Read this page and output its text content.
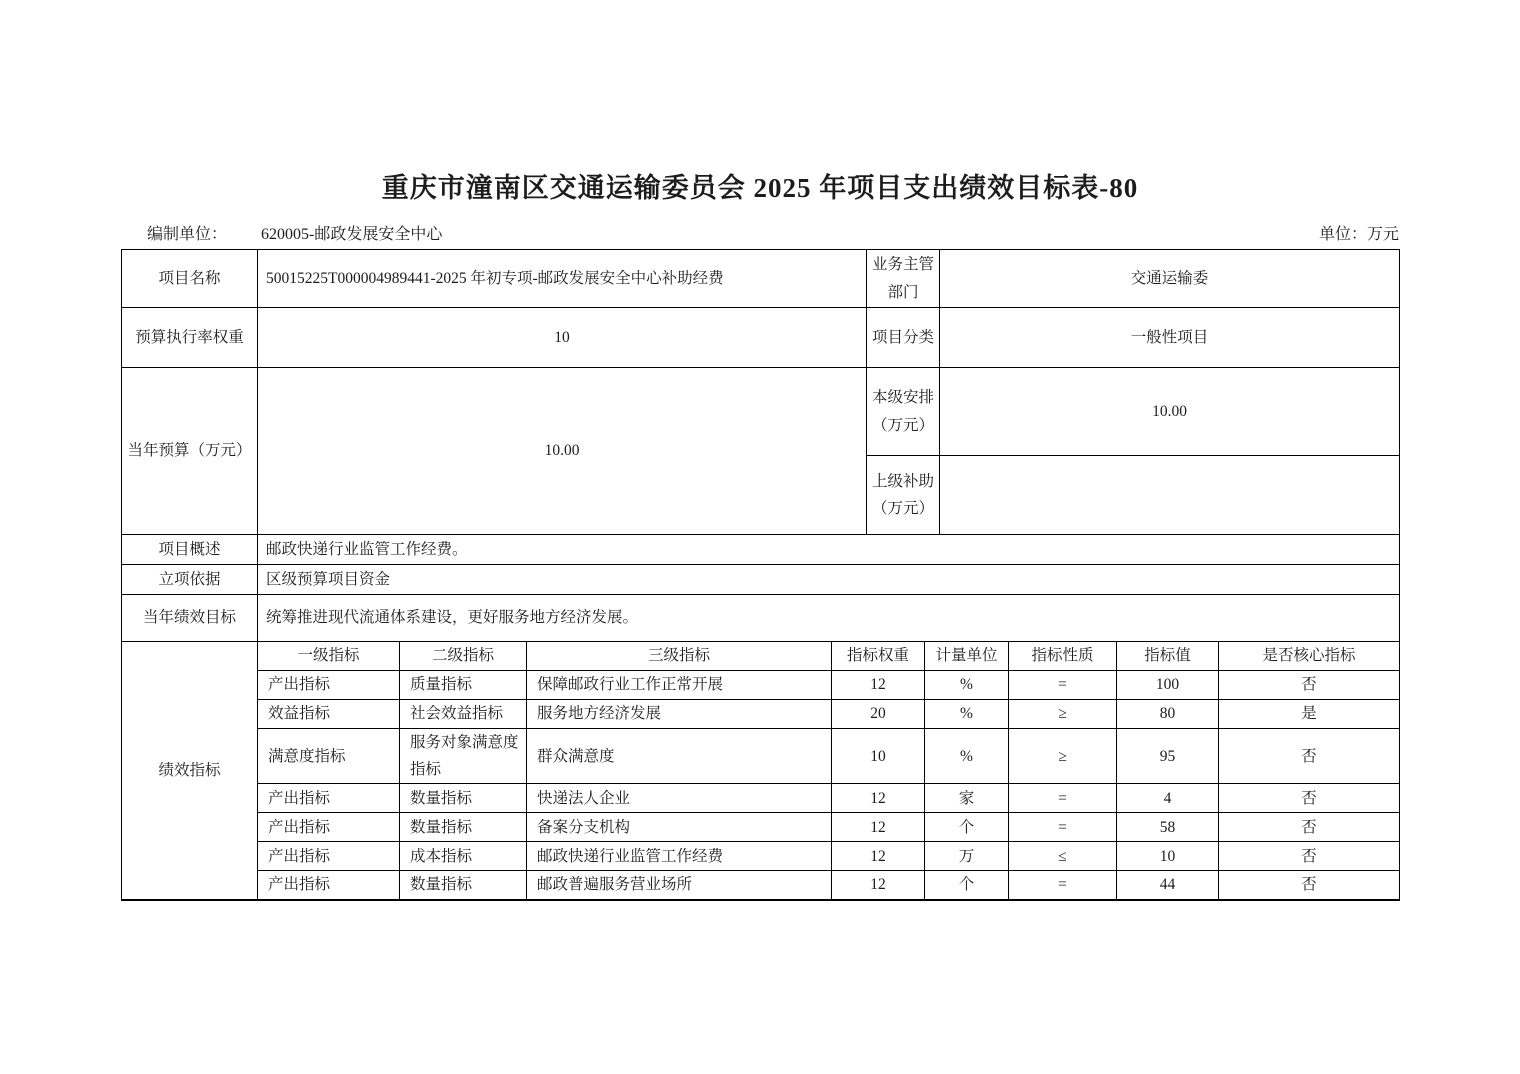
重庆市潼南区交通运输委员会 2025 年项目支出绩效目标表-80
编制单位： 620005-邮政发展安全中心	单位：万元
项目名称	50015225T000004989441-2025 年初专项-邮政发展安全中心补助经费	业务主管部门	交通运输委
预算执行率权重	10	项目分类	一般性项目
当年预算（万元）	10.00	本级安排（万元）	10.00
		上级补助（万元）	
项目概述	邮政快递行业监管工作经费。		
立项依据	区级预算项目资金		
当年绩效目标	统筹推进现代流通体系建设，更好服务地方经济发展。		
绩效指标	一级指标	二级指标	三级指标	指标权重	计量单位	指标性质	指标值	是否核心指标
	产出指标	质量指标	保障邮政行业工作正常开展	12	%	=	100	否
	效益指标	社会效益指标	服务地方经济发展	20	%	≥	80	是
	满意度指标	服务对象满意度指标	群众满意度	10	%	≥	95	否
	产出指标	数量指标	快递法人企业	12	家	=	4	否
	产出指标	数量指标	备案分支机构	12	个	=	58	否
	产出指标	成本指标	邮政快递行业监管工作经费	12	万	≤	10	否
	产出指标	数量指标	邮政普遍服务营业场所	12	个	=	44	否
